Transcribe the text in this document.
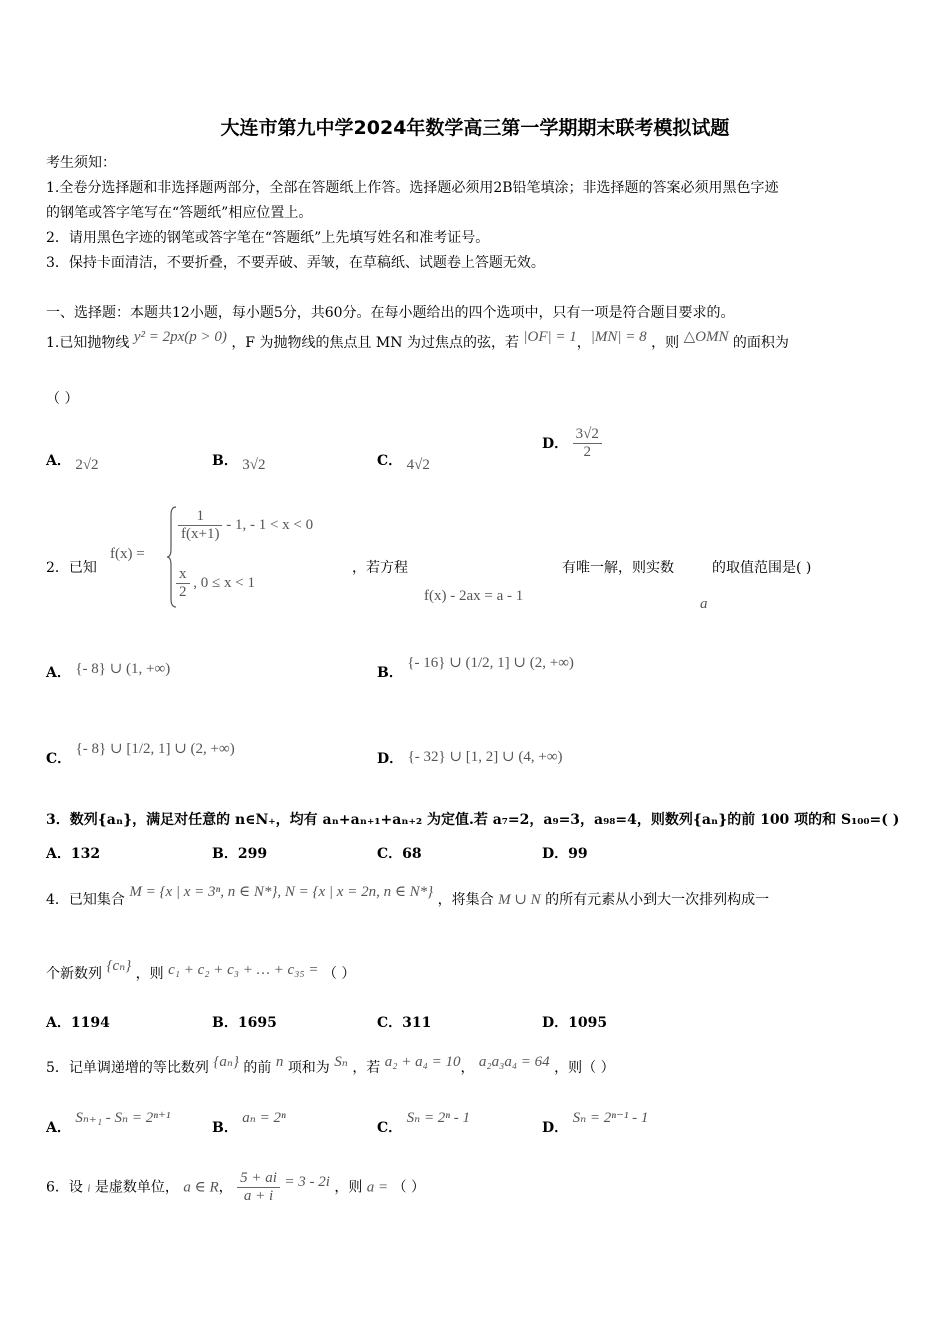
大连市第九中学2024年数学高三第一学期期末联考模拟试题
考生须知：
1.全卷分选择题和非选择题两部分，全部在答题纸上作答。选择题必须用2B铅笔填涂；非选择题的答案必须用黑色字迹
的钢笔或答字笔写在“答题纸”相应位置上。
2．请用黑色字迹的钢笔或答字笔在“答题纸”上先填写姓名和准考证号。
3．保持卡面清洁，不要折叠，不要弄破、弄皱，在草稿纸、试题卷上答题无效。
一、选择题：本题共12小题，每小题5分，共60分。在每小题给出的四个选项中，只有一项是符合题目要求的。
1.已知抛物线 y² = 2px(p > 0) ，F 为抛物线的焦点且 MN 为过焦点的弦，若 |OF| = 1，|MN| = 8 ，则 △OMN 的面积为
（ ）
A． 2√2	B． 3√2	C． 4√2
D． $\frac{3√2}{2}$
2．已知
f(x) =
$\frac{1}{f(x+1)} - 1$, - 1 < x < 0
$\frac{x}{2}$ , 0 ≤ x < 1
，若方程
f(x) - 2ax = a - 1
有唯一解，则实数
a
的取值范围是( )
A． {- 8} ∪ (1, +∞)	B． {- 16} ∪ (1/2, 1] ∪ (2, +∞)
C． {- 8} ∪ [1/2, 1] ∪ (2, +∞)
D． {- 32} ∪ [1, 2] ∪ (4, +∞)
3．数列{aₙ}，满足对任意的 n∈N₊，均有 aₙ+aₙ₊₁+aₙ₊₂ 为定值.若 a₇=2，a₉=3，a₉₈=4，则数列{aₙ}的前 100 项的和 S₁₀₀=( )
A．132	B．299	C．68	D．99
4．已知集合 M = {x | x = 3ⁿ, n ∈ N*}, N = {x | x = 2n, n ∈ N*} ，将集合 M ∪ N 的所有元素从小到大一次排列构成一
个新数列 {cₙ} ，则 c₁ + c₂ + c₃ + … + c₃₅ = （ ）
A．1194	B．1695	C．311	D．1095
5．记单调递增的等比数列 {aₙ} 的前 n 项和为 Sₙ ，若 a₂ + a₄ = 10， a₂a₃a₄ = 64 ，则（ ）
A． Sₙ₊₁ - Sₙ = 2ⁿ⁺¹
B． aₙ = 2ⁿ
C． Sₙ = 2ⁿ - 1
D． Sₙ = 2ⁿ⁻¹ - 1
6．设 i 是虚数单位， a ∈ R， $\frac{5 + ai}{a + i} = 3 - 2i$ ，则 a = （ ）
